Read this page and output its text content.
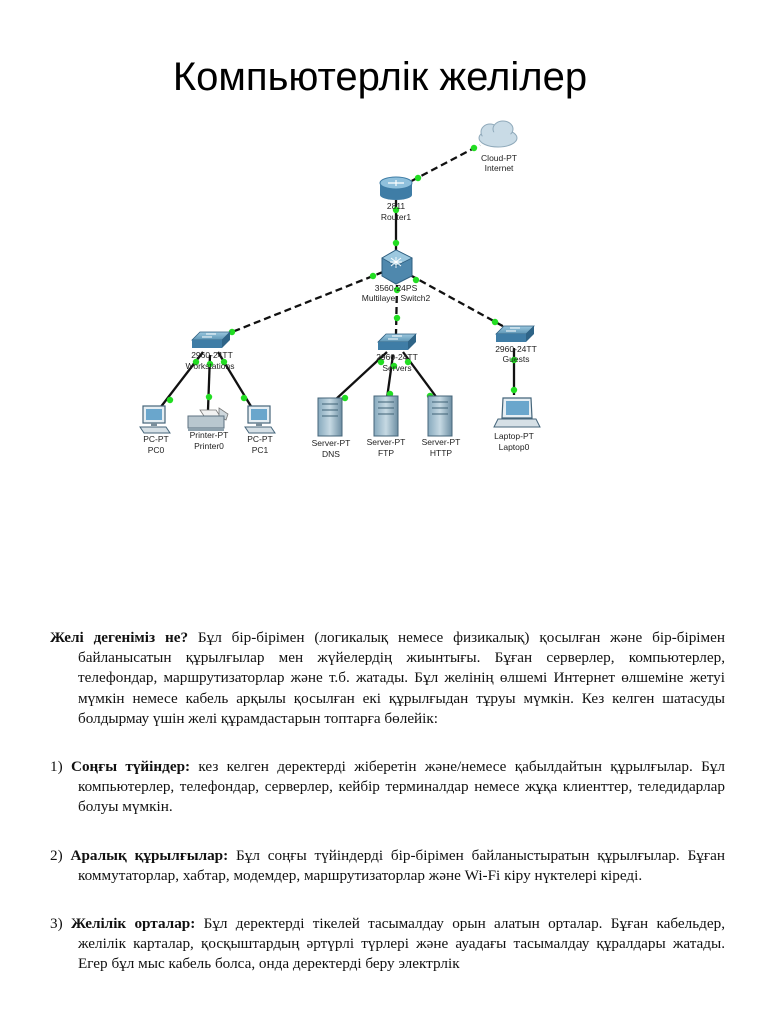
Компьютерлік желілер
Cloud-PT
Internet
2811
Router1
3560-24PS
Multilayer Switch2
2960-24TT
Workstations
2960-24TT
Servers
2960-24TT
Guests
PC-PT
PC0
Printer-PT
Printer0
PC-PT
PC1
Server-PT
DNS
Server-PT
FTP
Server-PT
HTTP
Laptop-PT
Laptop0

Желі дегеніміз не? Бұл бір-бірімен (логикалық немесе физикалық) қосылған және бір-бірімен байланысатын құрылғылар мен жүйелердің жиынтығы. Бұған серверлер, компьютерлер, телефондар, маршрутизаторлар және т.б. жатады. Бұл желінің өлшемі Интернет өлшеміне жетуі мүмкін немесе кабель арқылы қосылған екі құрылғыдан тұруы мүмкін. Кез келген шатасуды болдырмау үшін желі құрамдастарын топтарға бөлейік:

1) Соңғы түйіндер: кез келген деректерді жіберетін және/немесе қабылдайтын құрылғылар. Бұл компьютерлер, телефондар, серверлер, кейбір терминалдар немесе жұқа клиенттер, теледидарлар болуы мүмкін.

2) Аралық құрылғылар: Бұл соңғы түйіндерді бір-бірімен байланыстыратын құрылғылар. Бұған коммутаторлар, хабтар, модемдер, маршрутизаторлар және Wi-Fi кіру нүктелері кіреді.

3) Желілік орталар: Бұл деректерді тікелей тасымалдау орын алатын орталар. Бұған кабельдер, желілік карталар, қосқыштардың әртүрлі түрлері және ауадағы тасымалдау құралдары жатады. Егер бұл мыс кабель болса, онда деректерді беру электрлік
